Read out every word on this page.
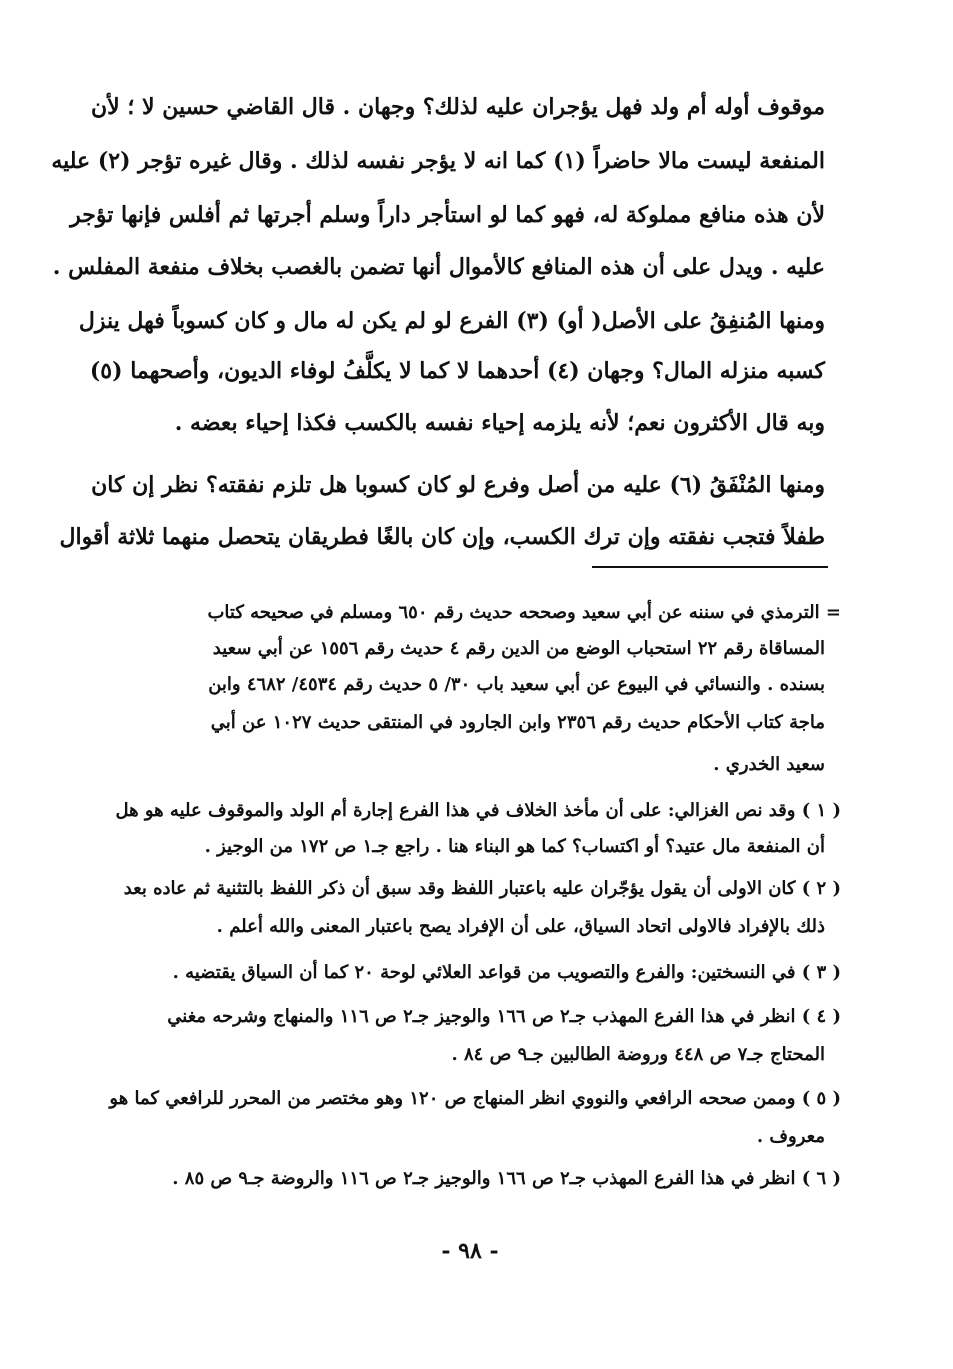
موقوف أوله أم ولد فهل يؤجران عليه لذلك؟ وجهان . قال القاضي حسين لا ؛ لأن
المنفعة ليست مالا حاضراً (١) كما انه لا يؤجر نفسه لذلك . وقال غيره تؤجر (٢) عليه
لأن هذه منافع مملوكة له، فهو كما لو استأجر داراً وسلم أجرتها ثم أفلس فإنها تؤجر
عليه . ويدل على أن هذه المنافع كالأموال أنها تضمن بالغصب بخلاف منفعة المفلس .
ومنها المُنفِقُ على الأصل( أو) (٣) الفرع لو لم يكن له مال و كان كسوباً فهل ينزل
كسبه منزله المال؟ وجهان (٤) أحدهما لا كما لا يكلَّفُ لوفاء الديون، وأصحهما (٥)
وبه قال الأكثرون نعم؛ لأنه يلزمه إحياء نفسه بالكسب فكذا إحياء بعضه .
ومنها المُنْفَقُ (٦) عليه من أصل وفرع لو كان كسوبا هل تلزم نفقته؟ نظر إن كان
طفلاً فتجب نفقته وإن ترك الكسب، وإن كان بالغًا فطريقان يتحصل منهما ثلاثة أقوال
= الترمذي في سننه عن أبي سعيد وصححه حديث رقم ٦٥٠ ومسلم في صحيحه كتاب
المساقاة رقم ٢٢ استحباب الوضع من الدين رقم ٤ حديث رقم ١٥٥٦ عن أبي سعيد
بسنده . والنسائي في البيوع عن أبي سعيد باب ٣٠/ ٥ حديث رقم ٤٥٣٤/ ٤٦٨٢ وابن
ماجة كتاب الأحكام حديث رقم ٢٣٥٦ وابن الجارود في المنتقى حديث ١٠٢٧ عن أبي
سعيد الخدري .
( ١ ) وقد نص الغزالي: على أن مأخذ الخلاف في هذا الفرع إجارة أم الولد والموقوف عليه هو هل
أن المنفعة مال عتيد؟ أو اكتساب؟ كما هو البناء هنا . راجع جـ١ ص ١٧٢ من الوجيز .
( ٢ ) كان الاولى أن يقول يؤجّران عليه باعتبار اللفظ وقد سبق أن ذكر اللفظ بالتثنية ثم عاده بعد
ذلك بالإفراد فالاولى اتحاد السياق، على أن الإفراد يصح باعتبار المعنى والله أعلم .
( ٣ ) في النسختين: والفرع والتصويب من قواعد العلائي لوحة ٢٠ كما أن السياق يقتضيه .
( ٤ ) انظر في هذا الفرع المهذب جـ٢ ص ١٦٦ والوجيز جـ٢ ص ١١٦ والمنهاج وشرحه مغني
المحتاج جـ٧ ص ٤٤٨ وروضة الطالبين جـ٩ ص ٨٤ .
( ٥ ) وممن صححه الرافعي والنووي انظر المنهاج ص ١٢٠ وهو مختصر من المحرر للرافعي كما هو
معروف .
( ٦ ) انظر في هذا الفرع المهذب جـ٢ ص ١٦٦ والوجيز جـ٢ ص ١١٦ والروضة جـ٩ ص ٨٥ .
- ٩٨ -
